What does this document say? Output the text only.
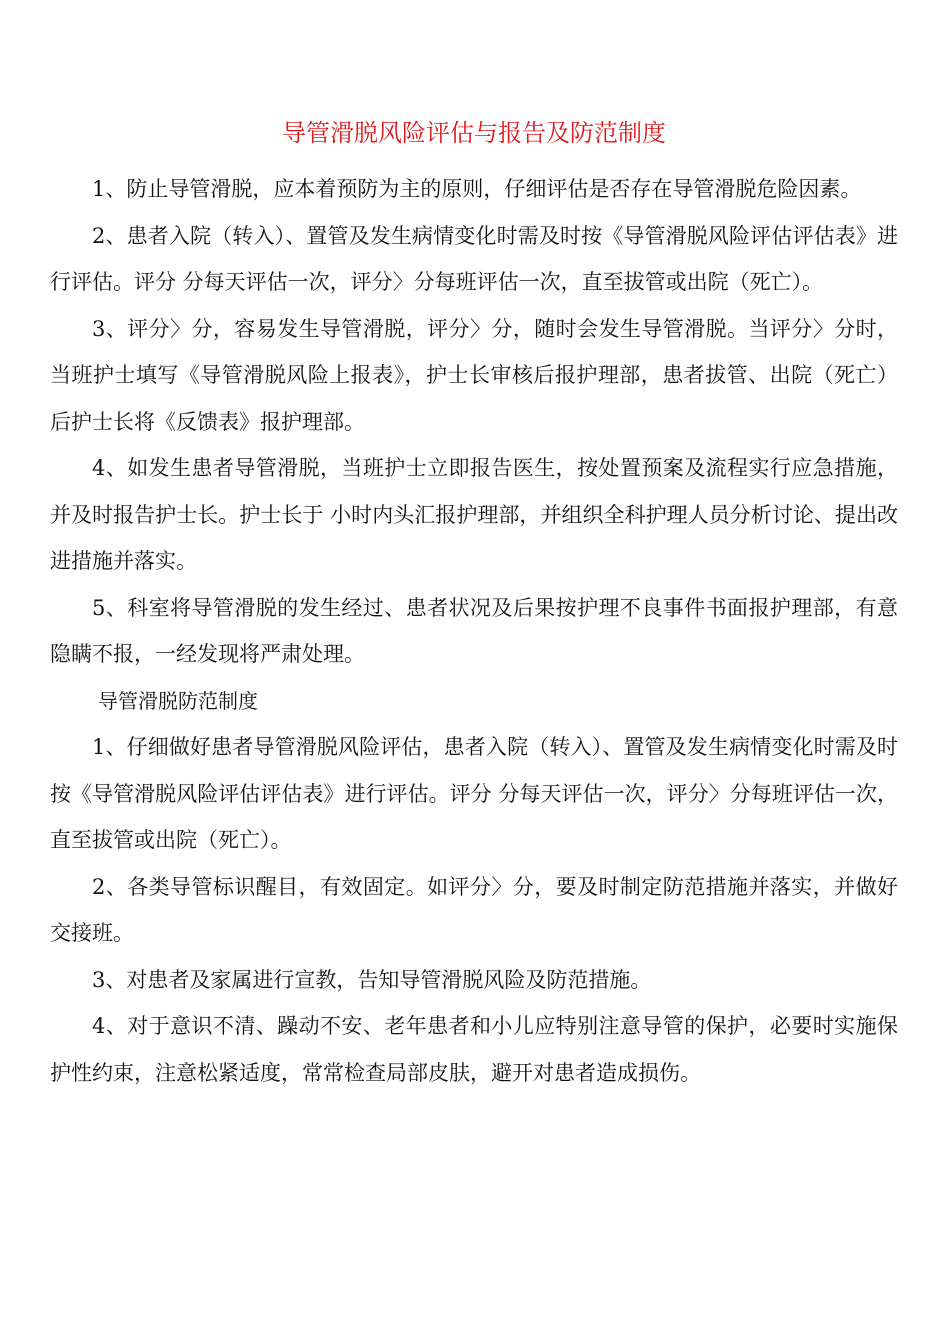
导管滑脱风险评估与报告及防范制度

1、防止导管滑脱，应本着预防为主的原则，仔细评估是否存在导管滑脱危险因素。

2、患者入院（转入）、置管及发生病情变化时需及时按《导管滑脱风险评估评估表》进行评估。评分 分每天评估一次，评分〉分每班评估一次，直至拔管或出院（死亡）。

3、评分〉分，容易发生导管滑脱，评分〉分，随时会发生导管滑脱。当评分〉分时，当班护士填写《导管滑脱风险上报表》，护士长审核后报护理部，患者拔管、出院（死亡）后护士长将《反馈表》报护理部。

4、如发生患者导管滑脱，当班护士立即报告医生，按处置预案及流程实行应急措施，并及时报告护士长。护士长于 小时内头汇报护理部，并组织全科护理人员分析讨论、提出改进措施并落实。

5、科室将导管滑脱的发生经过、患者状况及后果按护理不良事件书面报护理部，有意隐瞒不报，一经发现将严肃处理。

导管滑脱防范制度

1、仔细做好患者导管滑脱风险评估，患者入院（转入）、置管及发生病情变化时需及时按《导管滑脱风险评估评估表》进行评估。评分 分每天评估一次，评分〉分每班评估一次，直至拔管或出院（死亡）。

2、各类导管标识醒目，有效固定。如评分〉分，要及时制定防范措施并落实，并做好交接班。

3、对患者及家属进行宣教，告知导管滑脱风险及防范措施。

4、对于意识不清、躁动不安、老年患者和小儿应特别注意导管的保护，必要时实施保护性约束，注意松紧适度，常常检查局部皮肤，避开对患者造成损伤。
